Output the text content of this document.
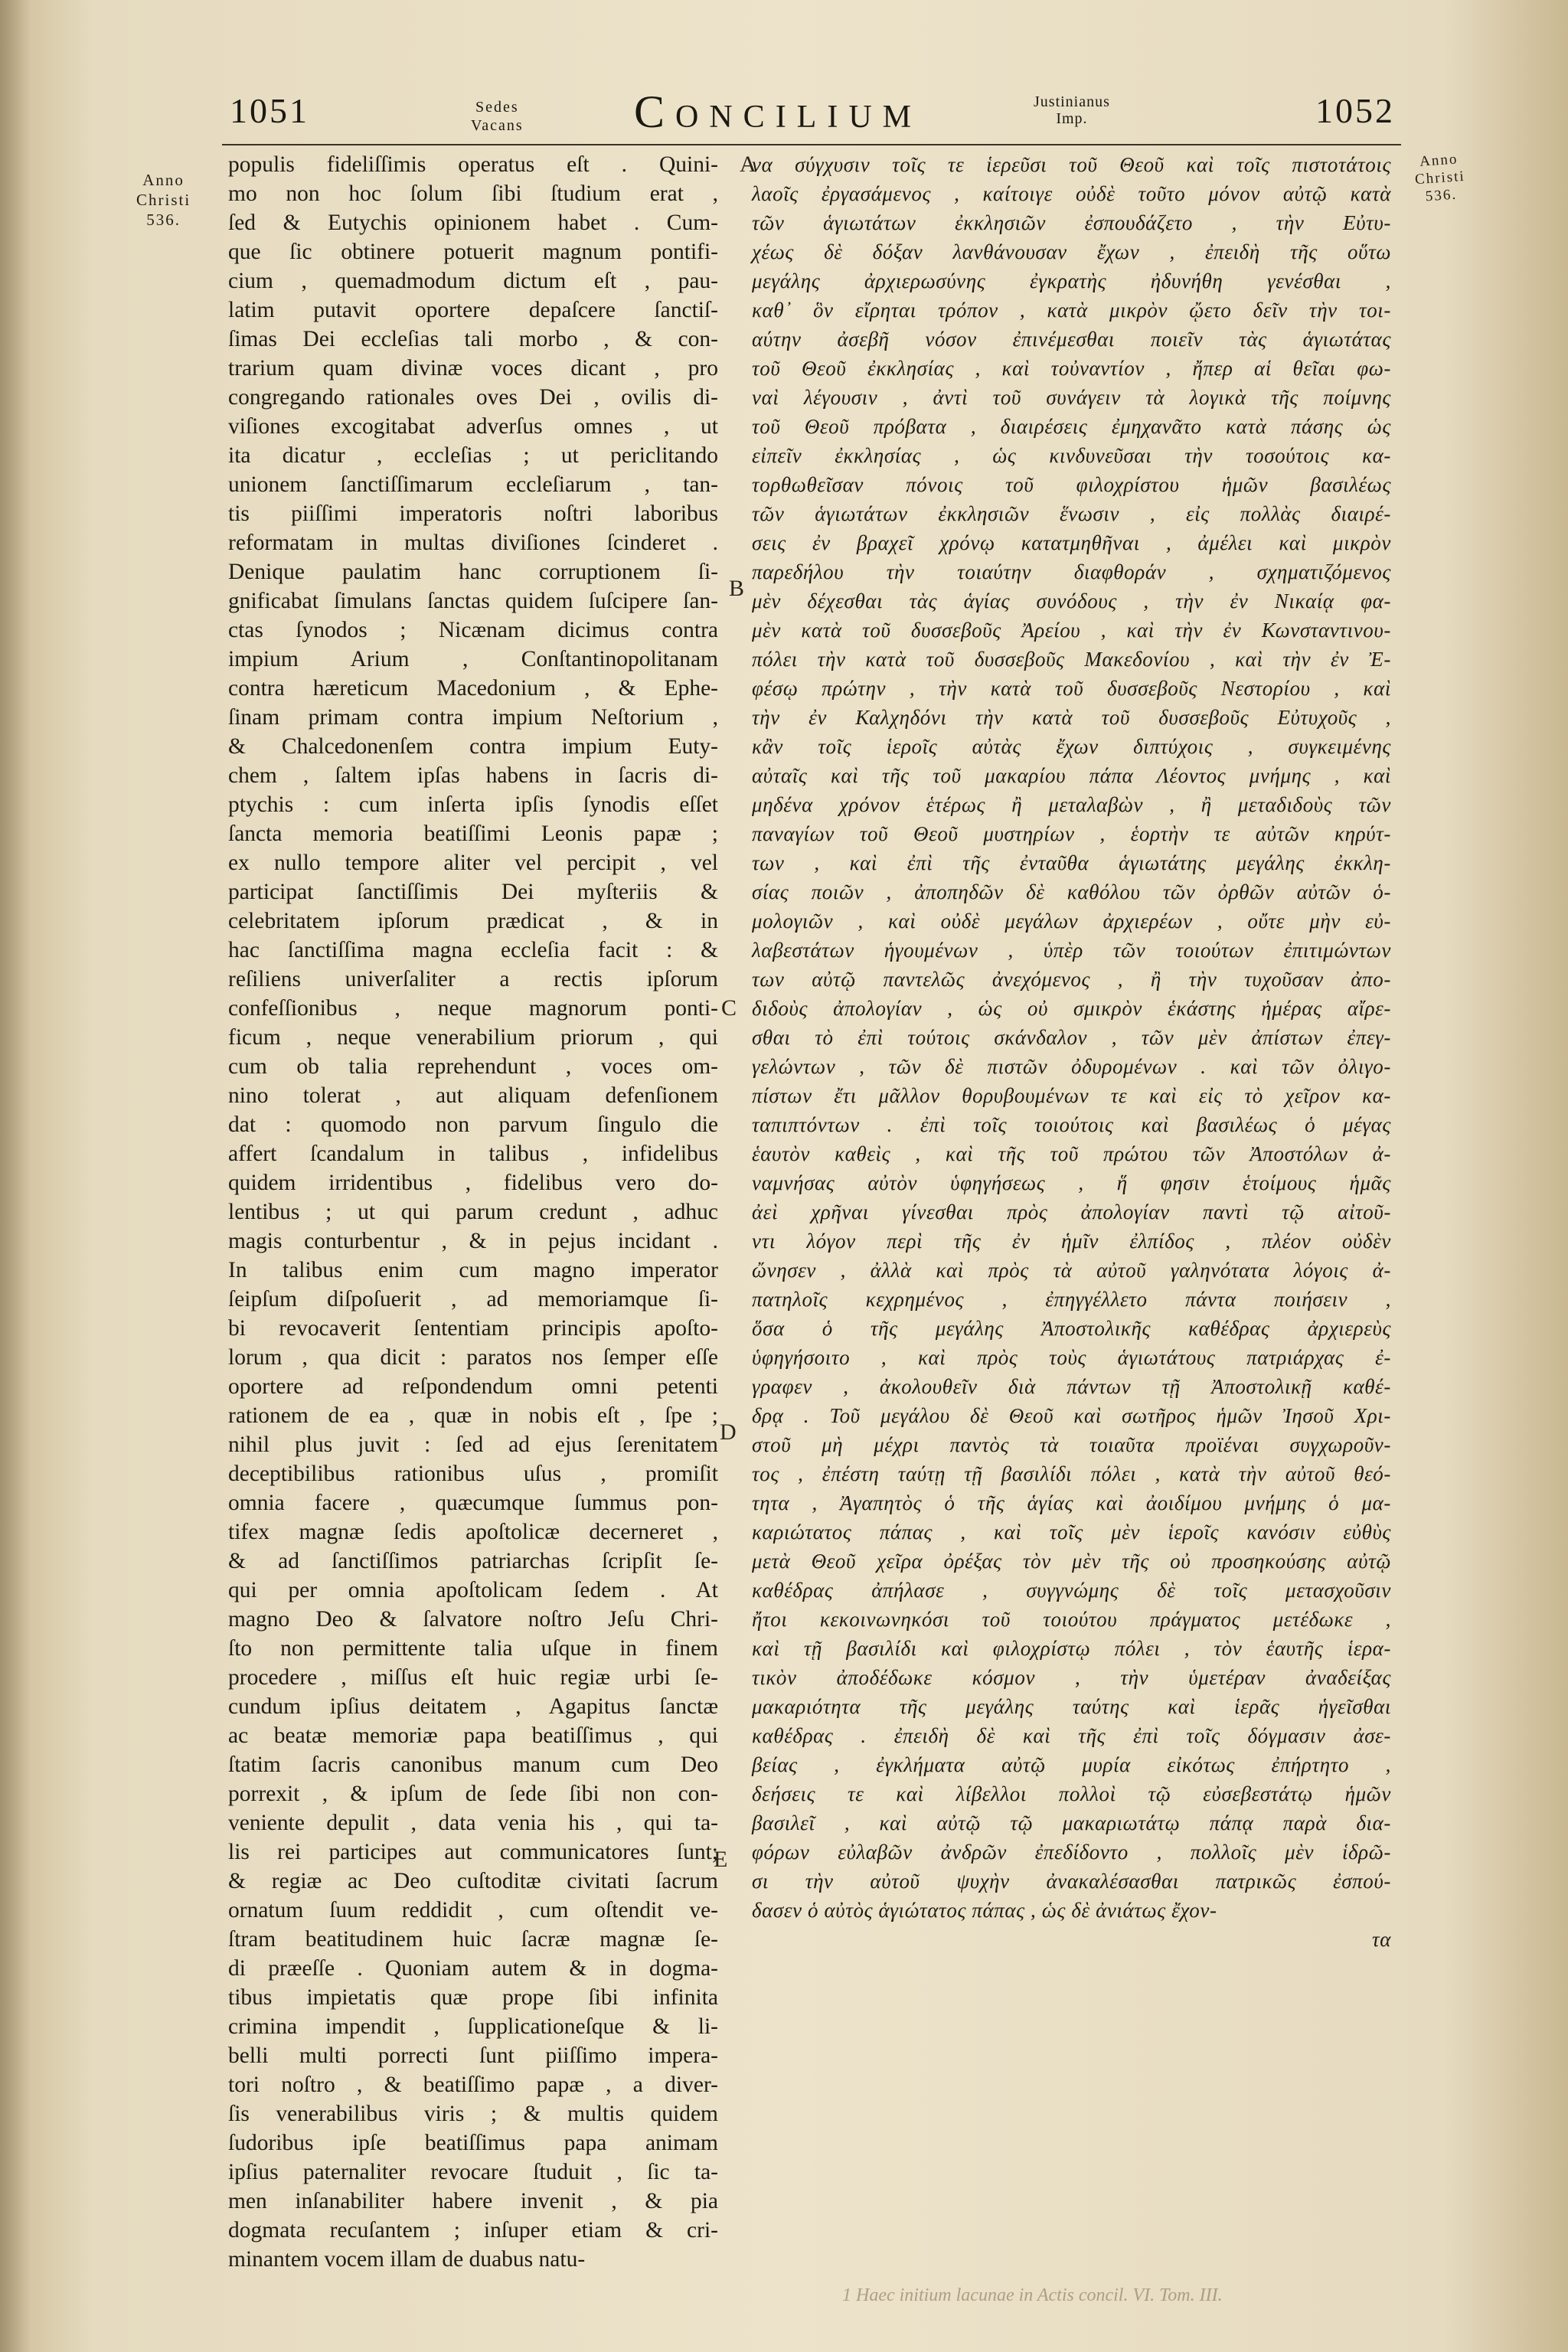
1051	Sedes
Vacans Concilium	Justinianus
Imp.	1052
Anno
Christi
536.
Anno
Christi
536.
A
B
C
D
E
populis fideliſſimis operatus eſt . Quini-
mo non hoc ſolum ſibi ſtudium erat ,
ſed & Eutychis opinionem habet . Cum-
que ſic obtinere potuerit magnum pontifi-
cium , quemadmodum dictum eſt , pau-
latim putavit oportere depaſcere ſanctiſ-
ſimas Dei eccleſias tali morbo , & con-
trarium quam divinæ voces dicant , pro
congregando rationales oves Dei , ovilis di-
viſiones excogitabat adverſus omnes , ut
ita dicatur , eccleſias ; ut periclitando
unionem ſanctiſſimarum eccleſiarum , tan-
tis piiſſimi imperatoris noſtri laboribus
reformatam in multas diviſiones ſcinderet .
Denique paulatim hanc corruptionem ſi-
gnificabat ſimulans ſanctas quidem ſuſcipere ſan-
ctas ſynodos ; Nicænam dicimus contra
impium Arium , Conſtantinopolitanam
contra hæreticum Macedonium , & Ephe-
ſinam primam contra impium Neſtorium ,
& Chalcedonenſem contra impium Euty-
chem , ſaltem ipſas habens in ſacris di-
ptychis : cum inſerta ipſis ſynodis eſſet
ſancta memoria beatiſſimi Leonis papæ ;
ex nullo tempore aliter vel percipit , vel
participat ſanctiſſimis Dei myſteriis &
celebritatem ipſorum prædicat , & in
hac ſanctiſſima magna eccleſia facit : &
reſiliens univerſaliter a rectis ipſorum
confeſſionibus , neque magnorum ponti-
ficum , neque venerabilium priorum , qui
cum ob talia reprehendunt , voces om-
nino tolerat , aut aliquam defenſionem
dat : quomodo non parvum ſingulo die
affert ſcandalum in talibus , infidelibus
quidem irridentibus , fidelibus vero do-
lentibus ; ut qui parum credunt , adhuc
magis conturbentur , & in pejus incidant .
In talibus enim cum magno imperator
ſeipſum diſpoſuerit , ad memoriamque ſi-
bi revocaverit ſententiam principis apoſto-
lorum , qua dicit : paratos nos ſemper eſſe
oportere ad reſpondendum omni petenti
rationem de ea , quæ in nobis eſt , ſpe ;
nihil plus juvit : ſed ad ejus ſerenitatem
deceptibilibus rationibus uſus , promiſit
omnia facere , quæcumque ſummus pon-
tifex magnæ ſedis apoſtolicæ decerneret ,
& ad ſanctiſſimos patriarchas ſcripſit ſe-
qui per omnia apoſtolicam ſedem . At
magno Deo & ſalvatore noſtro Jeſu Chri-
ſto non permittente talia uſque in finem
procedere , miſſus eſt huic regiæ urbi ſe-
cundum ipſius deitatem , Agapitus ſanctæ
ac beatæ memoriæ papa beatiſſimus , qui
ſtatim ſacris canonibus manum cum Deo
porrexit , & ipſum de ſede ſibi non con-
veniente depulit , data venia his , qui ta-
lis rei participes aut communicatores ſunt;
& regiæ ac Deo cuſtoditæ civitati ſacrum
ornatum ſuum reddidit , cum oſtendit ve-
ſtram beatitudinem huic ſacræ magnæ ſe-
di præeſſe . Quoniam autem & in dogma-
tibus impietatis quæ prope ſibi infinita
crimina impendit , ſupplicationeſque & li-
belli multi porrecti ſunt piiſſimo impera-
tori noſtro , & beatiſſimo papæ , a diver-
ſis venerabilibus viris ; & multis quidem
ſudoribus ipſe beatiſſimus papa animam
ipſius paternaliter revocare ſtuduit , ſic ta-
men inſanabiliter habere invenit , & pia
dogmata recuſantem ; inſuper etiam & cri-
minantem vocem illam de duabus natu-
να σύγχυσιν τοῖς τε ἱερεῦσι τοῦ Θεοῦ καὶ τοῖς πιστοτάτοις
λαοῖς ἐργασάμενος , καίτοιγε οὐδὲ τοῦτο μόνον αὐτῷ κατὰ
τῶν ἁγιωτάτων ἐκκλησιῶν ἐσπουδάζετο , τὴν Εὐτυ-
χέως δὲ δόξαν λανθάνουσαν ἔχων , ἐπειδὴ τῆς οὕτω
μεγάλης ἀρχιερωσύνης ἐγκρατὴς ἠδυνήθη γενέσθαι ,
καθ᾽ ὃν εἴρηται τρόπον , κατὰ μικρὸν ᾤετο δεῖν τὴν τοι-
αύτην ἀσεβῆ νόσον ἐπινέμεσθαι ποιεῖν τὰς ἁγιωτάτας
τοῦ Θεοῦ ἐκκλησίας , καὶ τοὐναντίον , ἤπερ αἱ θεῖαι φω-
ναὶ λέγουσιν , ἀντὶ τοῦ συνάγειν τὰ λογικὰ τῆς ποίμνης
τοῦ Θεοῦ πρόβατα , διαιρέσεις ἐμηχανᾶτο κατὰ πάσης ὡς
εἰπεῖν ἐκκλησίας , ὡς κινδυνεῦσαι τὴν τοσούτοις κα-
τορθωθεῖσαν πόνοις τοῦ φιλοχρίστου ἡμῶν βασιλέως
τῶν ἁγιωτάτων ἐκκλησιῶν ἕνωσιν , εἰς πολλὰς διαιρέ-
σεις ἐν βραχεῖ χρόνῳ κατατμηθῆναι , ἀμέλει καὶ μικρὸν
παρεδήλου τὴν τοιαύτην διαφθοράν , σχηματιζόμενος
μὲν δέχεσθαι τὰς ἁγίας συνόδους , τὴν ἐν Νικαίᾳ φα-
μὲν κατὰ τοῦ δυσσεβοῦς Ἀρείου , καὶ τὴν ἐν Κωνσταντινου-
πόλει τὴν κατὰ τοῦ δυσσεβοῦς Μακεδονίου , καὶ τὴν ἐν Ἐ-
φέσῳ πρώτην , τὴν κατὰ τοῦ δυσσεβοῦς Νεστορίου , καὶ
τὴν ἐν Καλχηδόνι τὴν κατὰ τοῦ δυσσεβοῦς Εὐτυχοῦς ,
κἂν τοῖς ἱεροῖς αὐτὰς ἔχων διπτύχοις , συγκειμένης
αὐταῖς καὶ τῆς τοῦ μακαρίου πάπα Λέοντος μνήμης , καὶ
μηδένα χρόνον ἑτέρως ἢ μεταλαβὼν , ἢ μεταδιδοὺς τῶν
παναγίων τοῦ Θεοῦ μυστηρίων , ἑορτὴν τε αὐτῶν κηρύτ-
των , καὶ ἐπὶ τῆς ἐνταῦθα ἁγιωτάτης μεγάλης ἐκκλη-
σίας ποιῶν , ἀποπηδῶν δὲ καθόλου τῶν ὀρθῶν αὐτῶν ὁ-
μολογιῶν , καὶ οὐδὲ μεγάλων ἀρχιερέων , οὔτε μὴν εὐ-
λαβεστάτων ἡγουμένων , ὑπὲρ τῶν τοιούτων ἐπιτιμώντων
των αὐτῷ παντελῶς ἀνεχόμενος , ἢ τὴν τυχοῦσαν ἀπο-
διδοὺς ἀπολογίαν , ὡς οὐ σμικρὸν ἑκάστης ἡμέρας αἴρε-
σθαι τὸ ἐπὶ τούτοις σκάνδαλον , τῶν μὲν ἀπίστων ἐπεγ-
γελώντων , τῶν δὲ πιστῶν ὀδυρομένων . καὶ τῶν ὀλιγο-
πίστων ἔτι μᾶλλον θορυβουμένων τε καὶ εἰς τὸ χεῖρον κα-
ταπιπτόντων . ἐπὶ τοῖς τοιούτοις καὶ βασιλέως ὁ μέγας
ἑαυτὸν καθεὶς , καὶ τῆς τοῦ πρώτου τῶν Ἀποστόλων ἀ-
ναμνήσας αὐτὸν ὑφηγήσεως , ἥ φησιν ἑτοίμους ἡμᾶς
ἀεὶ χρῆναι γίνεσθαι πρὸς ἀπολογίαν παντὶ τῷ αἰτοῦ-
ντι λόγον περὶ τῆς ἐν ἡμῖν ἐλπίδος , πλέον οὐδὲν
ὤνησεν , ἀλλὰ καὶ πρὸς τὰ αὐτοῦ γαληνότατα λόγοις ἀ-
πατηλοῖς κεχρημένος , ἐπηγγέλλετο πάντα ποιήσειν ,
ὅσα ὁ τῆς μεγάλης Ἀποστολικῆς καθέδρας ἀρχιερεὺς
ὑφηγήσοιτο , καὶ πρὸς τοὺς ἁγιωτάτους πατριάρχας ἐ-
γραφεν , ἀκολουθεῖν διὰ πάντων τῇ Ἀποστολικῇ καθέ-
δρᾳ . Τοῦ μεγάλου δὲ Θεοῦ καὶ σωτῆρος ἡμῶν Ἰησοῦ Χρι-
στοῦ μὴ μέχρι παντὸς τὰ τοιαῦτα προϊέναι συγχωροῦν-
τος , ἐπέστη ταύτῃ τῇ βασιλίδι πόλει , κατὰ τὴν αὐτοῦ θεό-
τητα , Ἀγαπητὸς ὁ τῆς ἁγίας καὶ ἀοιδίμου μνήμης ὁ μα-
καριώτατος πάπας , καὶ τοῖς μὲν ἱεροῖς κανόσιν εὐθὺς
μετὰ Θεοῦ χεῖρα ὀρέξας τὸν μὲν τῆς οὐ προσηκούσης αὐτῷ
καθέδρας ἀπήλασε , συγγνώμης δὲ τοῖς μετασχοῦσιν
ἤτοι κεκοινωνηκόσι τοῦ τοιούτου πράγματος μετέδωκε ,
καὶ τῇ βασιλίδι καὶ φιλοχρίστῳ πόλει , τὸν ἑαυτῆς ἱερα-
τικὸν ἀποδέδωκε κόσμον , τὴν ὑμετέραν ἀναδείξας
μακαριότητα τῆς μεγάλης ταύτης καὶ ἱερᾶς ἡγεῖσθαι
καθέδρας . ἐπειδὴ δὲ καὶ τῆς ἐπὶ τοῖς δόγμασιν ἀσε-
βείας , ἐγκλήματα αὐτῷ μυρία εἰκότως ἐπήρτητο ,
δεήσεις τε καὶ λίβελλοι πολλοὶ τῷ εὐσεβεστάτῳ ἡμῶν
βασιλεῖ , καὶ αὐτῷ τῷ μακαριωτάτῳ πάπᾳ παρὰ δια-
φόρων εὐλαβῶν ἀνδρῶν ἐπεδίδοντο , πολλοῖς μὲν ἱδρῶ-
σι τὴν αὐτοῦ ψυχὴν ἀνακαλέσασθαι πατρικῶς ἐσπού-
δασεν ὁ αὐτὸς ἁγιώτατος πάπας , ὡς δὲ ἀνιάτως ἔχον-
τα
1 Haec initium lacunae in Actis concil. VI. Tom. III.
